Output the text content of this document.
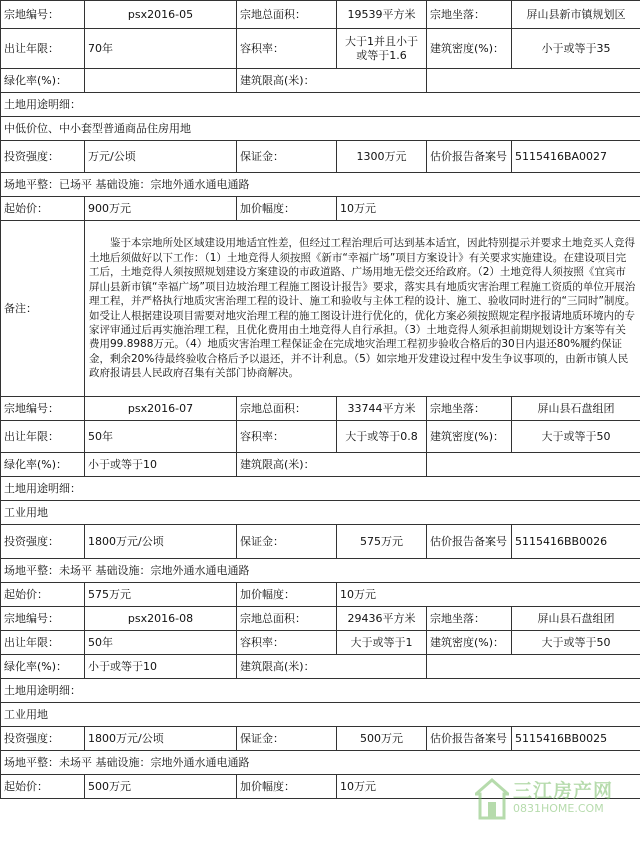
宗地编号：	psx2016-05	宗地总面积：	19539平方米	宗地坐落：	屏山县新市镇规划区
出让年限：	70年	容积率：	大于1并且小于或等于1.6	建筑密度(%)：	小于或等于35
绿化率(%)：		建筑限高(米)：			
土地用途明细：					
中低价位、中小套型普通商品住房用地					
投资强度：	万元/公顷	保证金：	1300万元	估价报告备案号	5115416BA0027
场地平整：已场平 基础设施：宗地外通水通电通路					
起始价：	900万元	加价幅度：	10万元		
备注：	　　鉴于本宗地所处区域建设用地适宜性差，但经过工程治理后可达到基本适宜，因此特别提示并要求土地竞买人竞得土地后须做好以下工作：（1）土地竞得人须按照《新市“幸福广场”项目方案设计》有关要求实施建设。在建设项目完工后，土地竞得人须按照规划建设方案建设的市政道路、广场用地无偿交还给政府。（2）土地竞得人须按照《宜宾市屏山县新市镇“幸福广场”项目边坡治理工程施工图设计报告》要求，落实具有地质灾害治理工程施工资质的单位开展治理工程，并严格执行地质灾害治理工程的设计、施工和验收与主体工程的设计、施工、验收同时进行的“三同时”制度。如受让人根据建设项目需要对地灾治理工程的施工图设计进行优化的，优化方案必须按照规定程序报请地质环境内的专家评审通过后再实施治理工程，且优化费用由土地竞得人自行承担。（3）土地竞得人须承担前期规划设计方案等有关费用99.8988万元。（4）地质灾害治理工程保证金在完成地灾治理工程初步验收合格后的30日内退还80%履约保证金，剩余20%待最终验收合格后予以退还，并不计利息。（5）如宗地开发建设过程中发生争议事项的，由新市镇人民政府报请县人民政府召集有关部门协商解决。				
宗地编号：	psx2016-07	宗地总面积：	33744平方米	宗地坐落：	屏山县石盘组团
出让年限：	50年	容积率：	大于或等于0.8	建筑密度(%)：	大于或等于50
绿化率(%)：	小于或等于10	建筑限高(米)：			
土地用途明细：					
工业用地					
投资强度：	1800万元/公顷	保证金：	575万元	估价报告备案号	5115416BB0026
场地平整：未场平 基础设施：宗地外通水通电通路					
起始价：	575万元	加价幅度：	10万元		
宗地编号：	psx2016-08	宗地总面积：	29436平方米	宗地坐落：	屏山县石盘组团
出让年限：	50年	容积率：	大于或等于1	建筑密度(%)：	大于或等于50
绿化率(%)：	小于或等于10	建筑限高(米)：			
土地用途明细：					
工业用地					
投资强度：	1800万元/公顷	保证金：	500万元	估价报告备案号	5115416BB0025
场地平整：未场平 基础设施：宗地外通水通电通路					
起始价：	500万元	加价幅度：	10万元			三江房产网
0831HOME.COM
